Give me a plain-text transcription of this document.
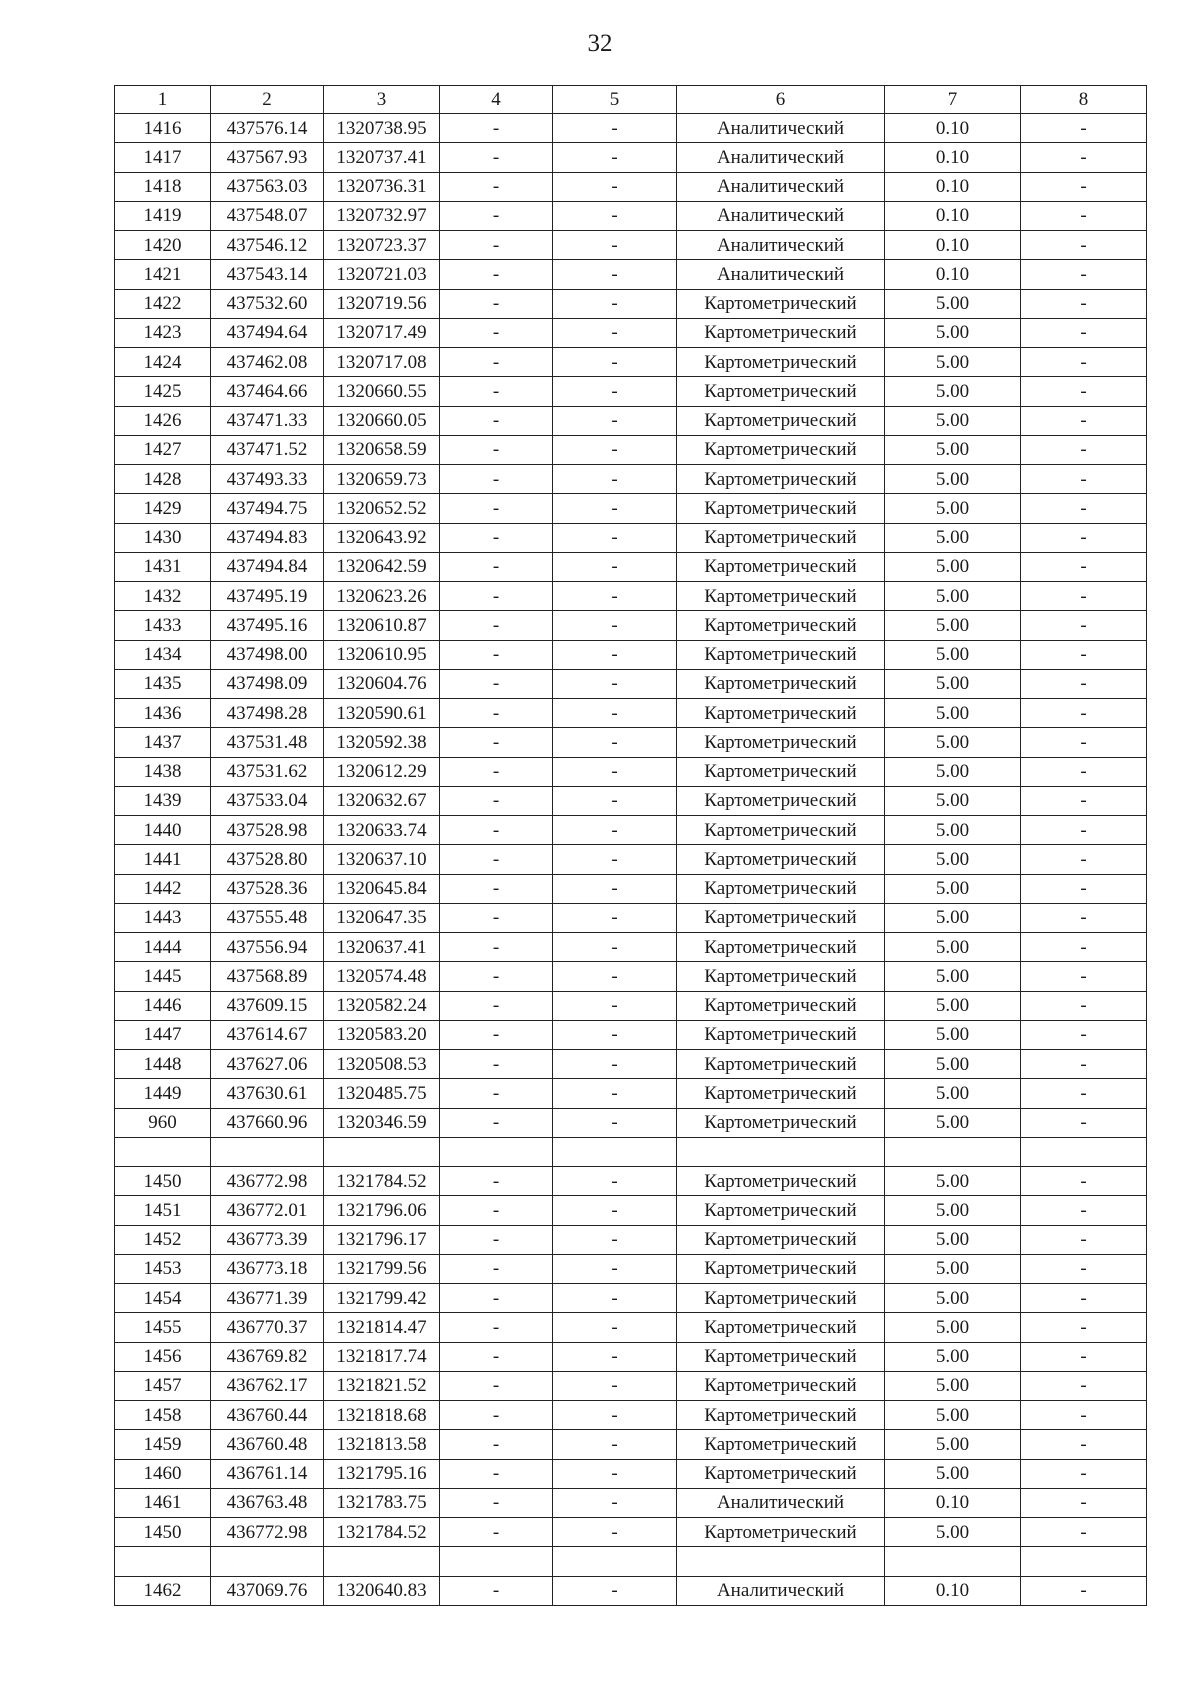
32
1	2	3	4	5	6	7	8
1416	437576.14	1320738.95	-	-	Аналитический	0.10	-
1417	437567.93	1320737.41	-	-	Аналитический	0.10	-
1418	437563.03	1320736.31	-	-	Аналитический	0.10	-
1419	437548.07	1320732.97	-	-	Аналитический	0.10	-
1420	437546.12	1320723.37	-	-	Аналитический	0.10	-
1421	437543.14	1320721.03	-	-	Аналитический	0.10	-
1422	437532.60	1320719.56	-	-	Картометрический	5.00	-
1423	437494.64	1320717.49	-	-	Картометрический	5.00	-
1424	437462.08	1320717.08	-	-	Картометрический	5.00	-
1425	437464.66	1320660.55	-	-	Картометрический	5.00	-
1426	437471.33	1320660.05	-	-	Картометрический	5.00	-
1427	437471.52	1320658.59	-	-	Картометрический	5.00	-
1428	437493.33	1320659.73	-	-	Картометрический	5.00	-
1429	437494.75	1320652.52	-	-	Картометрический	5.00	-
1430	437494.83	1320643.92	-	-	Картометрический	5.00	-
1431	437494.84	1320642.59	-	-	Картометрический	5.00	-
1432	437495.19	1320623.26	-	-	Картометрический	5.00	-
1433	437495.16	1320610.87	-	-	Картометрический	5.00	-
1434	437498.00	1320610.95	-	-	Картометрический	5.00	-
1435	437498.09	1320604.76	-	-	Картометрический	5.00	-
1436	437498.28	1320590.61	-	-	Картометрический	5.00	-
1437	437531.48	1320592.38	-	-	Картометрический	5.00	-
1438	437531.62	1320612.29	-	-	Картометрический	5.00	-
1439	437533.04	1320632.67	-	-	Картометрический	5.00	-
1440	437528.98	1320633.74	-	-	Картометрический	5.00	-
1441	437528.80	1320637.10	-	-	Картометрический	5.00	-
1442	437528.36	1320645.84	-	-	Картометрический	5.00	-
1443	437555.48	1320647.35	-	-	Картометрический	5.00	-
1444	437556.94	1320637.41	-	-	Картометрический	5.00	-
1445	437568.89	1320574.48	-	-	Картометрический	5.00	-
1446	437609.15	1320582.24	-	-	Картометрический	5.00	-
1447	437614.67	1320583.20	-	-	Картометрический	5.00	-
1448	437627.06	1320508.53	-	-	Картометрический	5.00	-
1449	437630.61	1320485.75	-	-	Картометрический	5.00	-
960	437660.96	1320346.59	-	-	Картометрический	5.00	-

1450	436772.98	1321784.52	-	-	Картометрический	5.00	-
1451	436772.01	1321796.06	-	-	Картометрический	5.00	-
1452	436773.39	1321796.17	-	-	Картометрический	5.00	-
1453	436773.18	1321799.56	-	-	Картометрический	5.00	-
1454	436771.39	1321799.42	-	-	Картометрический	5.00	-
1455	436770.37	1321814.47	-	-	Картометрический	5.00	-
1456	436769.82	1321817.74	-	-	Картометрический	5.00	-
1457	436762.17	1321821.52	-	-	Картометрический	5.00	-
1458	436760.44	1321818.68	-	-	Картометрический	5.00	-
1459	436760.48	1321813.58	-	-	Картометрический	5.00	-
1460	436761.14	1321795.16	-	-	Картометрический	5.00	-
1461	436763.48	1321783.75	-	-	Аналитический	0.10	-
1450	436772.98	1321784.52	-	-	Картометрический	5.00	-

1462	437069.76	1320640.83	-	-	Аналитический	0.10	-
